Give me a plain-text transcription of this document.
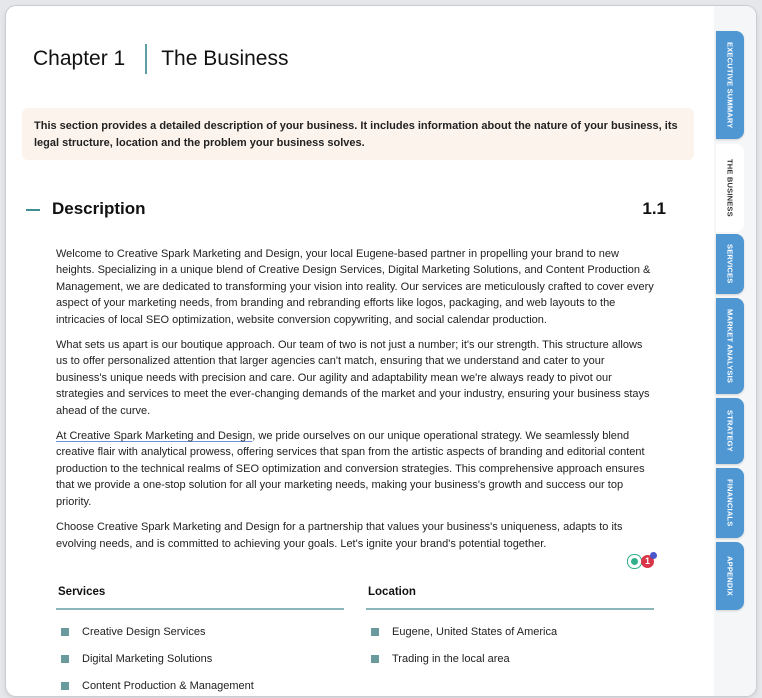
Chapter 1 The Business

This section provides a detailed description of your business. It includes information about the nature of your business, its legal structure, location and the problem your business solves.

Description	1.1

Welcome to Creative Spark Marketing and Design, your local Eugene-based partner in propelling your brand to new heights. Specializing in a unique blend of Creative Design Services, Digital Marketing Solutions, and Content Production & Management, we are dedicated to transforming your vision into reality. Our services are meticulously crafted to cover every aspect of your marketing needs, from branding and rebranding efforts like logos, packaging, and web layouts to the intricacies of local SEO optimization, website conversion copywriting, and social calendar production.

What sets us apart is our boutique approach. Our team of two is not just a number; it's our strength. This structure allows us to offer personalized attention that larger agencies can't match, ensuring that we understand and cater to your business's unique needs with precision and care. Our agility and adaptability mean we're always ready to pivot our strategies and services to meet the ever-changing demands of the market and your industry, ensuring your business stays ahead of the curve.

At Creative Spark Marketing and Design, we pride ourselves on our unique operational strategy. We seamlessly blend creative flair with analytical prowess, offering services that span from the artistic aspects of branding and editorial content production to the technical realms of SEO optimization and conversion strategies. This comprehensive approach ensures that we provide a one-stop solution for all your marketing needs, making your business's growth and success our top priority.

Choose Creative Spark Marketing and Design for a partnership that values your business's uniqueness, adapts to its evolving needs, and is committed to achieving your goals. Let's ignite your brand's potential together.

1
Services
Creative Design Services
Digital Marketing Solutions
Content Production & Management
Location
Eugene, United States of America
Trading in the local area
EXECUTIVE SUMMARY
THE BUSINESS
SERVICES
MARKET ANALYSIS
STRATEGY
FINANCIALS
APPENDIX
